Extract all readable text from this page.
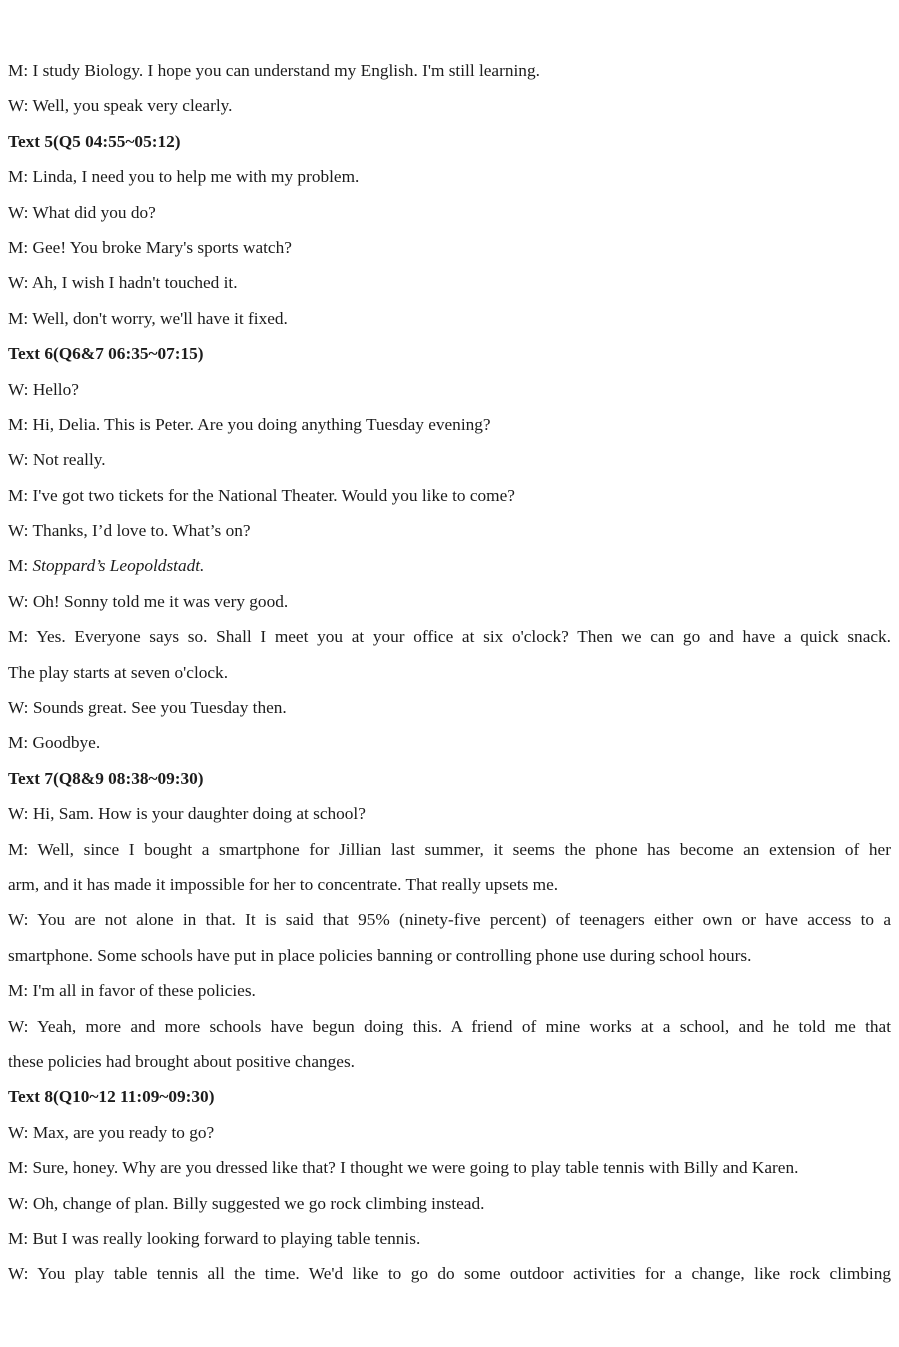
M: I study Biology. I hope you can understand my English. I'm still learning.

W: Well, you speak very clearly.

Text 5(Q5 04:55~05:12)

M: Linda, I need you to help me with my problem.

W: What did you do?

M: Gee! You broke Mary's sports watch?

W: Ah, I wish I hadn't touched it.

M: Well, don't worry, we'll have it fixed.

Text 6(Q6&7 06:35~07:15)

W: Hello?

M: Hi, Delia. This is Peter. Are you doing anything Tuesday evening?

W: Not really.

M: I've got two tickets for the National Theater. Would you like to come?

W: Thanks, I’d love to. What’s on?

M: Stoppard’s Leopoldstadt.

W: Oh! Sonny told me it was very good.

M: Yes. Everyone says so. Shall I meet you at your office at six o'clock? Then we can go and have a quick snack.

The play starts at seven o'clock.

W: Sounds great. See you Tuesday then.

M: Goodbye.

Text 7(Q8&9 08:38~09:30)

W: Hi, Sam. How is your daughter doing at school?

M: Well, since I bought a smartphone for Jillian last summer, it seems the phone has become an extension of her

arm, and it has made it impossible for her to concentrate. That really upsets me.

W: You are not alone in that. It is said that 95% (ninety-five percent) of teenagers either own or have access to a

smartphone. Some schools have put in place policies banning or controlling phone use during school hours.

M: I'm all in favor of these policies.

W: Yeah, more and more schools have begun doing this. A friend of mine works at a school, and he told me that

these policies had brought about positive changes.

Text 8(Q10~12 11:09~09:30)

W: Max, are you ready to go?

M: Sure, honey. Why are you dressed like that? I thought we were going to play table tennis with Billy and Karen.

W: Oh, change of plan. Billy suggested we go rock climbing instead.

M: But I was really looking forward to playing table tennis.

W: You play table tennis all the time. We'd like to go do some outdoor activities for a change, like rock climbing
